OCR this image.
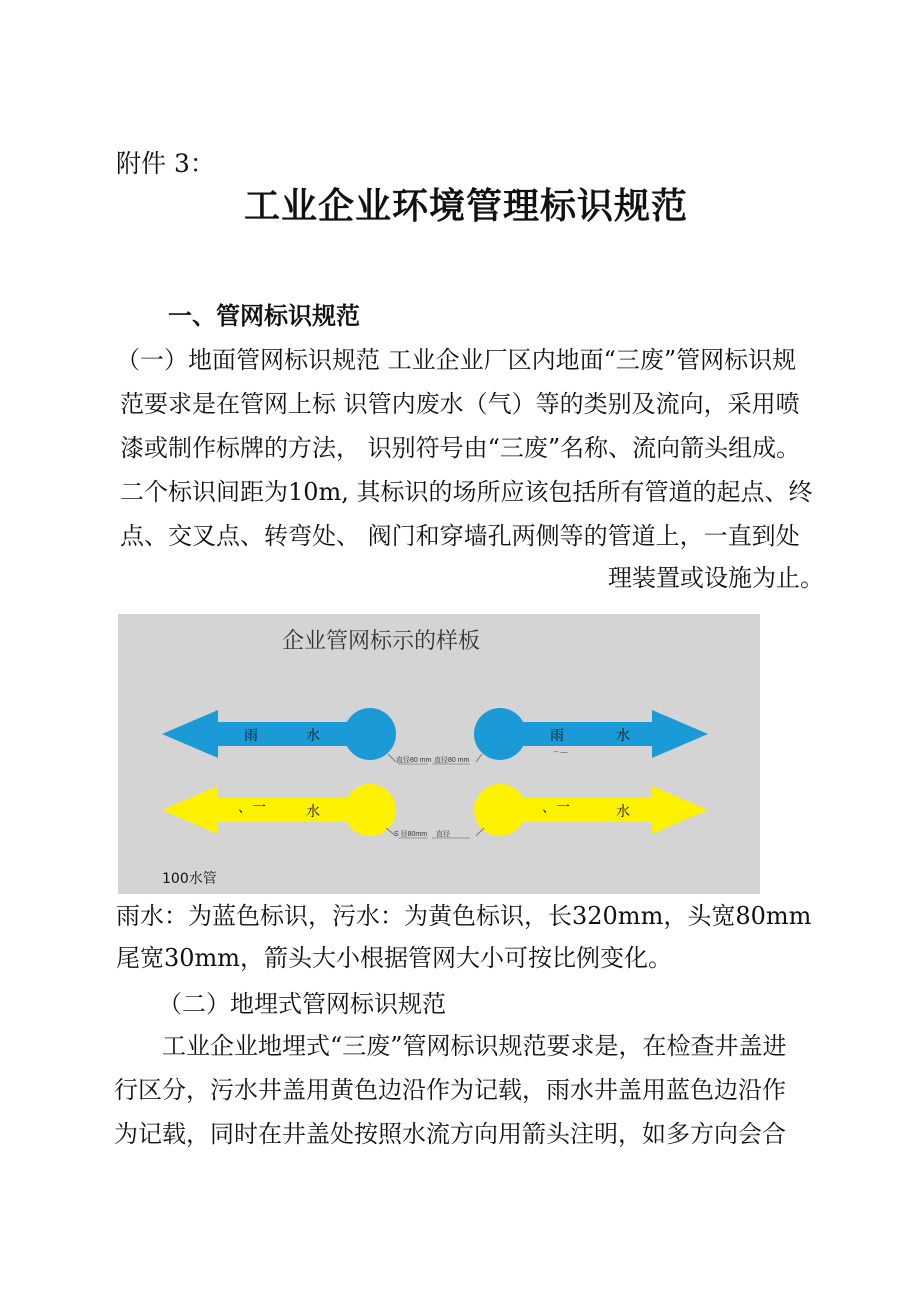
附件 3：
工业企业环境管理标识规范
一、管网标识规范
（一）地面管网标识规范 工业企业厂区内地面“三废”管网标识规
范要求是在管网上标 识管内废水（气）等的类别及流向，采用喷
漆或制作标牌的方法， 识别符号由“三废”名称、流向箭头组成。
二个标识间距为10m, 其标识的场所应该包括所有管道的起点、终
点、交叉点、转弯处、 阀门和穿墙孔两侧等的管道上，一直到处
理装置或设施为止。
雨	水	雨	水
、一	水	、一	水
直径80 mm 直径80 mm
S 径80mm 直径
-- —
企业管网标示的样板
100水管
雨水：为蓝色标识，污水：为黄色标识，长320mm，头宽80mm
尾宽30mm，箭头大小根据管网大小可按比例变化。
（二）地埋式管网标识规范
工业企业地埋式“三废”管网标识规范要求是，在检查井盖进
行区分，污水井盖用黄色边沿作为记载，雨水井盖用蓝色边沿作
为记载，同时在井盖处按照水流方向用箭头注明，如多方向会合
